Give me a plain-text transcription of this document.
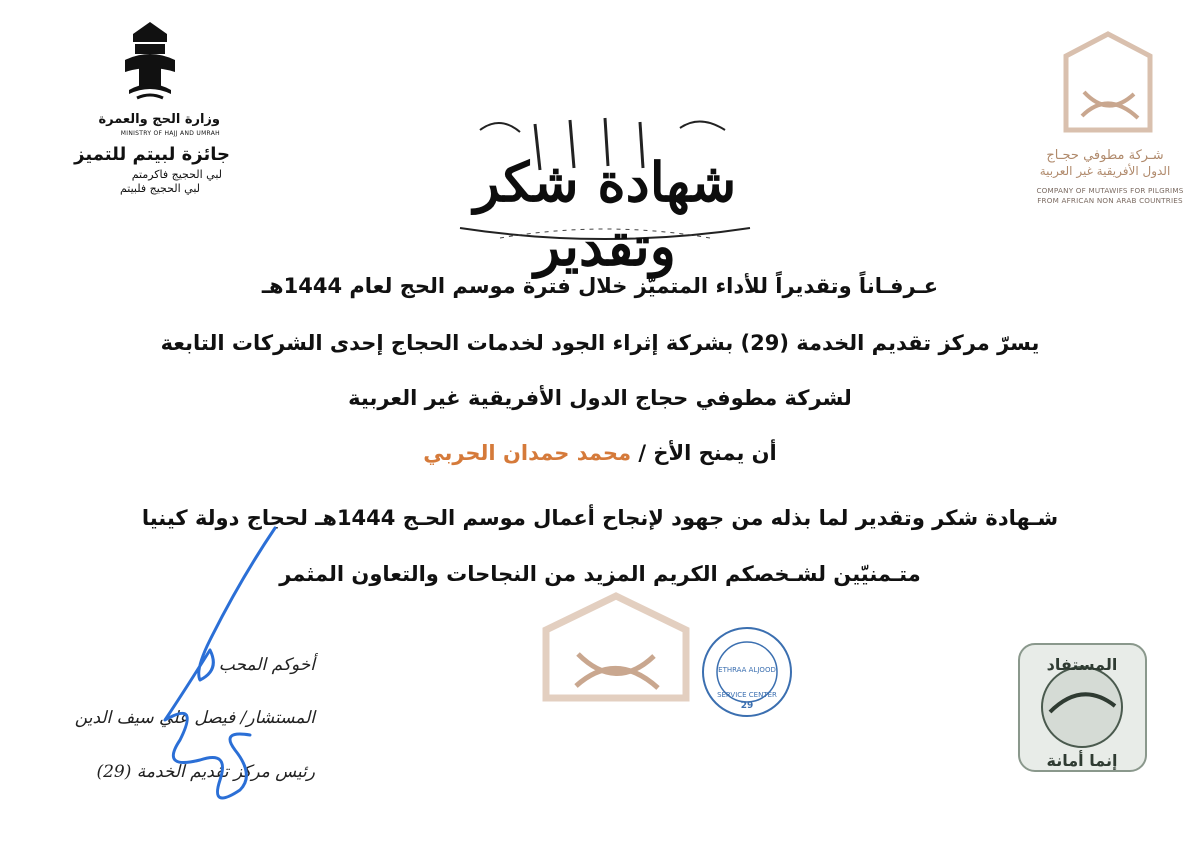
وزارة الحج والعمرة
MINISTRY OF HAJJ AND UMRAH
جائزة لبيتم للتميز
لبي الحجيج فاكرمتم
لبي الحجيج فلبيتم
شـركة مطوفي حجـاج
الدول الأفريقية غير العربية
COMPANY OF MUTAWIFS FOR PILGRIMS
FROM AFRICAN NON ARAB COUNTRIES
شهادة شكر وتقدير
عـرفـاناً وتقديراً للأداء المتميّز خلال فترة موسم الحج لعام 1444هـ
يسرّ مركز تقديم الخدمة (29) بشركة إثراء الجود لخدمات الحجاج إحدى الشركات التابعة
لشركة مطوفي حجاج الدول الأفريقية غير العربية
أن يمنح الأخ / محمد حمدان الحربي
شـهادة شكر وتقدير لما بذله من جهود لإنجاح أعمال موسم الحـج 1444هـ لحجاج دولة كينيا
متـمنيّين لشـخصكم الكريم المزيد من النجاحات والتعاون المثمر
ETHRAA ALJOOD
SERVICE CENTER
29
المستفاد
إنما أمانة
أخوكم المحب
المستشار/ فيصل علي سيف الدين
رئيس مركز تقديم الخدمة (29)
